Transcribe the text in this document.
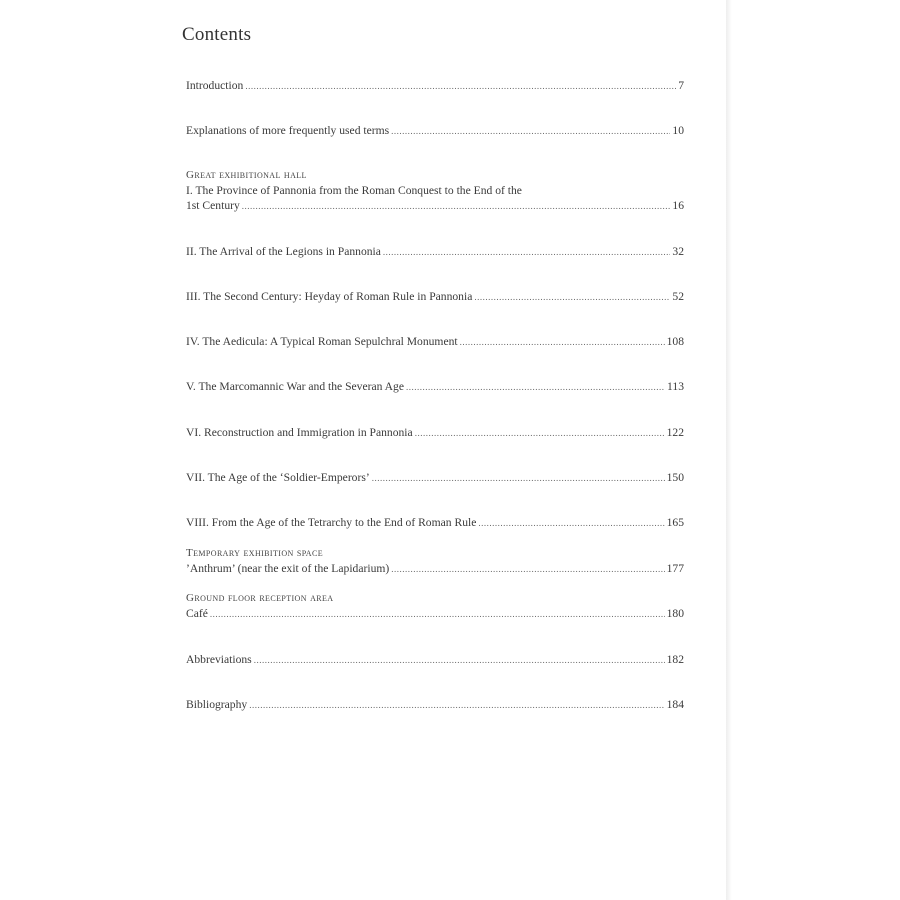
Contents
Introduction .....	7
Explanations of more frequently used terms .....	10
Great exhibitional hall
I. The Province of Pannonia from the Roman Conquest to the End of the
1st Century .....	16
II. The Arrival of the Legions in Pannonia .....	32
III. The Second Century: Heyday of Roman Rule in Pannonia .....	52
IV. The Aedicula: A Typical Roman Sepulchral Monument .....	108
V. The Marcomannic War and the Severan Age .....	113
VI. Reconstruction and Immigration in Pannonia .....	122
VII. The Age of the ‘Soldier-Emperors’ .....	150
VIII. From the Age of the Tetrarchy to the End of Roman Rule .....	165
Temporary exhibition space
’Anthrum’ (near the exit of the Lapidarium) .....	177
Ground floor reception area
Café .....	180
Abbreviations .....	182
Bibliography .....	184
